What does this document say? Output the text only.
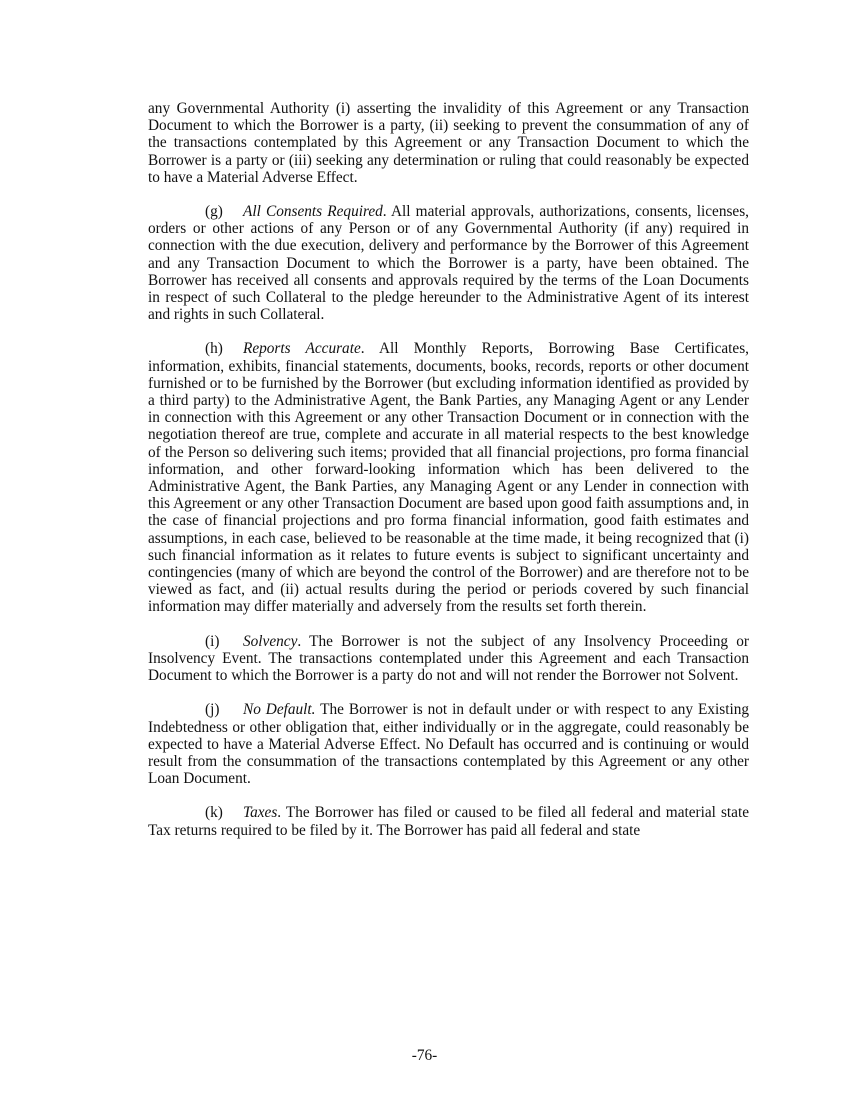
any Governmental Authority (i) asserting the invalidity of this Agreement or any Transaction Document to which the Borrower is a party, (ii) seeking to prevent the consummation of any of the transactions contemplated by this Agreement or any Transaction Document to which the Borrower is a party or (iii) seeking any determination or ruling that could reasonably be expected to have a Material Adverse Effect.

(g) All Consents Required. All material approvals, authorizations, consents, licenses, orders or other actions of any Person or of any Governmental Authority (if any) required in connection with the due execution, delivery and performance by the Borrower of this Agreement and any Transaction Document to which the Borrower is a party, have been obtained. The Borrower has received all consents and approvals required by the terms of the Loan Documents in respect of such Collateral to the pledge hereunder to the Administrative Agent of its interest and rights in such Collateral.

(h) Reports Accurate. All Monthly Reports, Borrowing Base Certificates, information, exhibits, financial statements, documents, books, records, reports or other document furnished or to be furnished by the Borrower (but excluding information identified as provided by a third party) to the Administrative Agent, the Bank Parties, any Managing Agent or any Lender in connection with this Agreement or any other Transaction Document or in connection with the negotiation thereof are true, complete and accurate in all material respects to the best knowledge of the Person so delivering such items; provided that all financial projections, pro forma financial information, and other forward-looking information which has been delivered to the Administrative Agent, the Bank Parties, any Managing Agent or any Lender in connection with this Agreement or any other Transaction Document are based upon good faith assumptions and, in the case of financial projections and pro forma financial information, good faith estimates and assumptions, in each case, believed to be reasonable at the time made, it being recognized that (i) such financial information as it relates to future events is subject to significant uncertainty and contingencies (many of which are beyond the control of the Borrower) and are therefore not to be viewed as fact, and (ii) actual results during the period or periods covered by such financial information may differ materially and adversely from the results set forth therein.

(i) Solvency. The Borrower is not the subject of any Insolvency Proceeding or Insolvency Event. The transactions contemplated under this Agreement and each Transaction Document to which the Borrower is a party do not and will not render the Borrower not Solvent.

(j) No Default. The Borrower is not in default under or with respect to any Existing Indebtedness or other obligation that, either individually or in the aggregate, could reasonably be expected to have a Material Adverse Effect. No Default has occurred and is continuing or would result from the consummation of the transactions contemplated by this Agreement or any other Loan Document.

(k) Taxes. The Borrower has filed or caused to be filed all federal and material state Tax returns required to be filed by it. The Borrower has paid all federal and state

-76-
